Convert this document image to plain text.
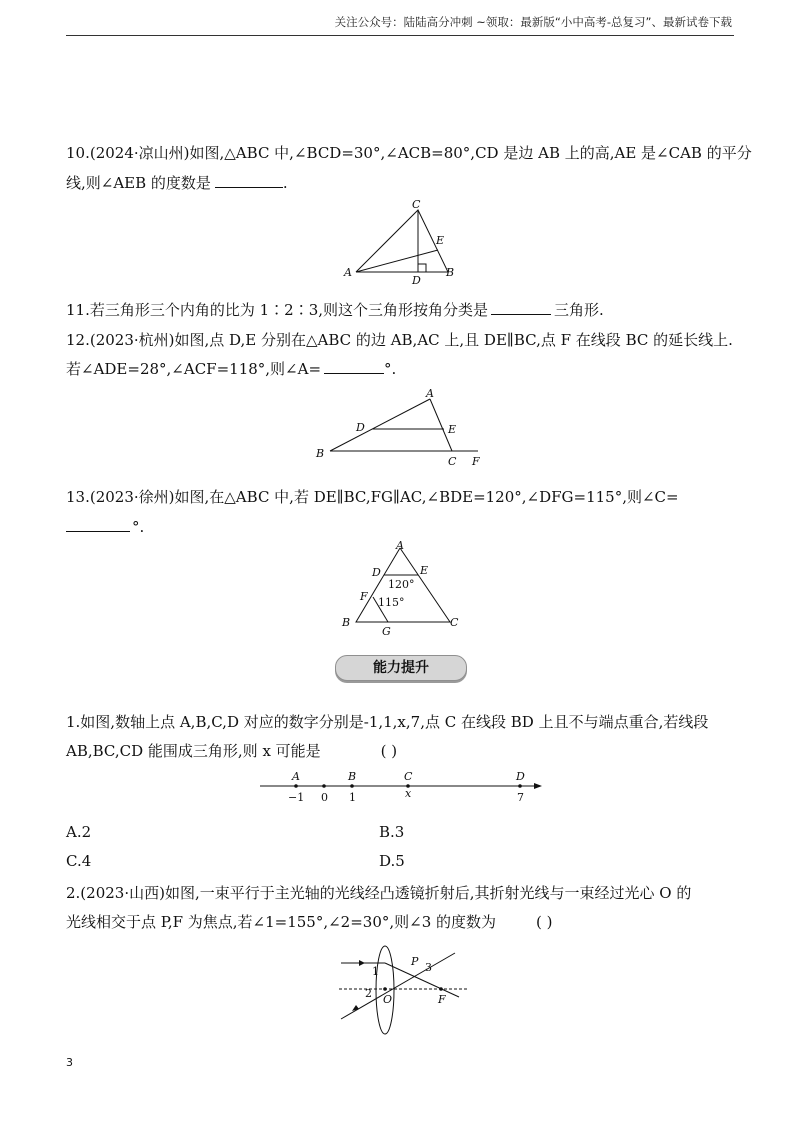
关注公众号：陆陆高分冲刺 ~领取：最新版“小中高考-总复习”、最新试卷下载
10.(2024·凉山州)如图,△ABC 中,∠BCD=30°,∠ACB=80°,CD 是边 AB 上的高,AE 是∠CAB 的平分
线,则∠AEB 的度数是	.
C
E
A
D
B
11.若三角形三个内角的比为 1∶2∶3,则这个三角形按角分类是	三角形.
12.(2023·杭州)如图,点 D,E 分别在△ABC 的边 AB,AC 上,且 DE∥BC,点 F 在线段 BC 的延长线上.
若∠ADE=28°,∠ACF=118°,则∠A=	°.
A
D	E
B
C F
13.(2023·徐州)如图,在△ABC 中,若 DE∥BC,FG∥AC,∠BDE=120°,∠DFG=115°,则∠C=
°.
A
D	E
F
B
G
C
120°
115°
能力提升
1.如图,数轴上点 A,B,C,D 对应的数字分别是-1,1,x,7,点 C 在线段 BD 上且不与端点重合,若线段
AB,BC,CD 能围成三角形,则 x 可能是	( )
A	B	C	D
−1 0 1	x	7
A.2	B.3
C.4	D.5
2.(2023·山西)如图,一束平行于主光轴的光线经凸透镜折射后,其折射光线与一束经过光心 O 的
光线相交于点 P,F 为焦点,若∠1=155°,∠2=30°,则∠3 的度数为	( )
1
P 3
2 O	F
3
